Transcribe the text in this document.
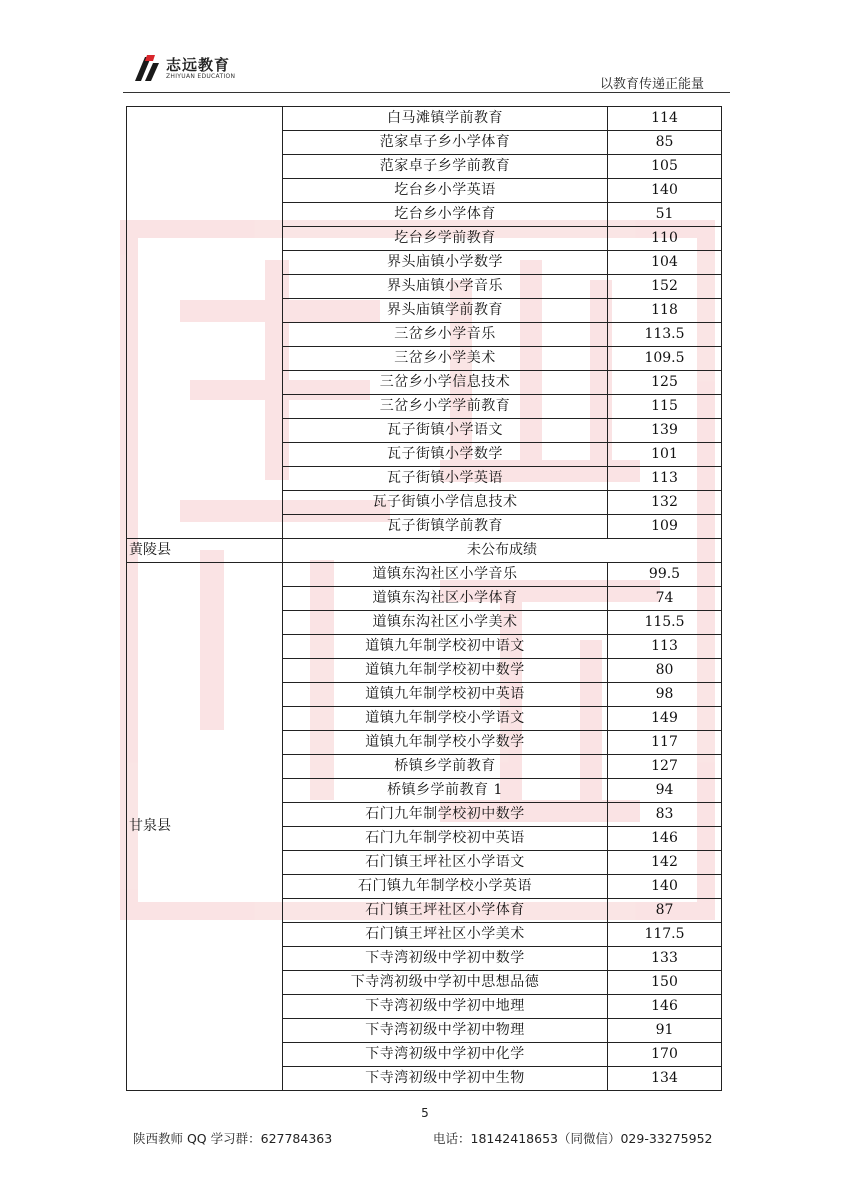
志远教育
ZHIYUAN EDUCATION
以教育传递正能量
	白马滩镇学前教育	114
	范家卓子乡小学体育	85
	范家卓子乡学前教育	105
	圪台乡小学英语	140
	圪台乡小学体育	51
	圪台乡学前教育	110
	界头庙镇小学数学	104
	界头庙镇小学音乐	152
	界头庙镇学前教育	118
	三岔乡小学音乐	113.5
	三岔乡小学美术	109.5
	三岔乡小学信息技术	125
	三岔乡小学学前教育	115
	瓦子街镇小学语文	139
	瓦子街镇小学数学	101
	瓦子街镇小学英语	113
	瓦子街镇小学信息技术	132
	瓦子街镇学前教育	109
黄陵县	未公布成绩	
甘泉县	道镇东沟社区小学音乐	99.5
	道镇东沟社区小学体育	74
	道镇东沟社区小学美术	115.5
	道镇九年制学校初中语文	113
	道镇九年制学校初中数学	80
	道镇九年制学校初中英语	98
	道镇九年制学校小学语文	149
	道镇九年制学校小学数学	117
	桥镇乡学前教育	127
	桥镇乡学前教育 1	94
	石门九年制学校初中数学	83
	石门九年制学校初中英语	146
	石门镇王坪社区小学语文	142
	石门镇九年制学校小学英语	140
	石门镇王坪社区小学体育	87
	石门镇王坪社区小学美术	117.5
	下寺湾初级中学初中数学	133
	下寺湾初级中学初中思想品德	150
	下寺湾初级中学初中地理	146
	下寺湾初级中学初中物理	91
	下寺湾初级中学初中化学	170
	下寺湾初级中学初中生物	134
5
陕西教师 QQ 学习群：627784363	电话：18142418653（同微信）029-33275952
